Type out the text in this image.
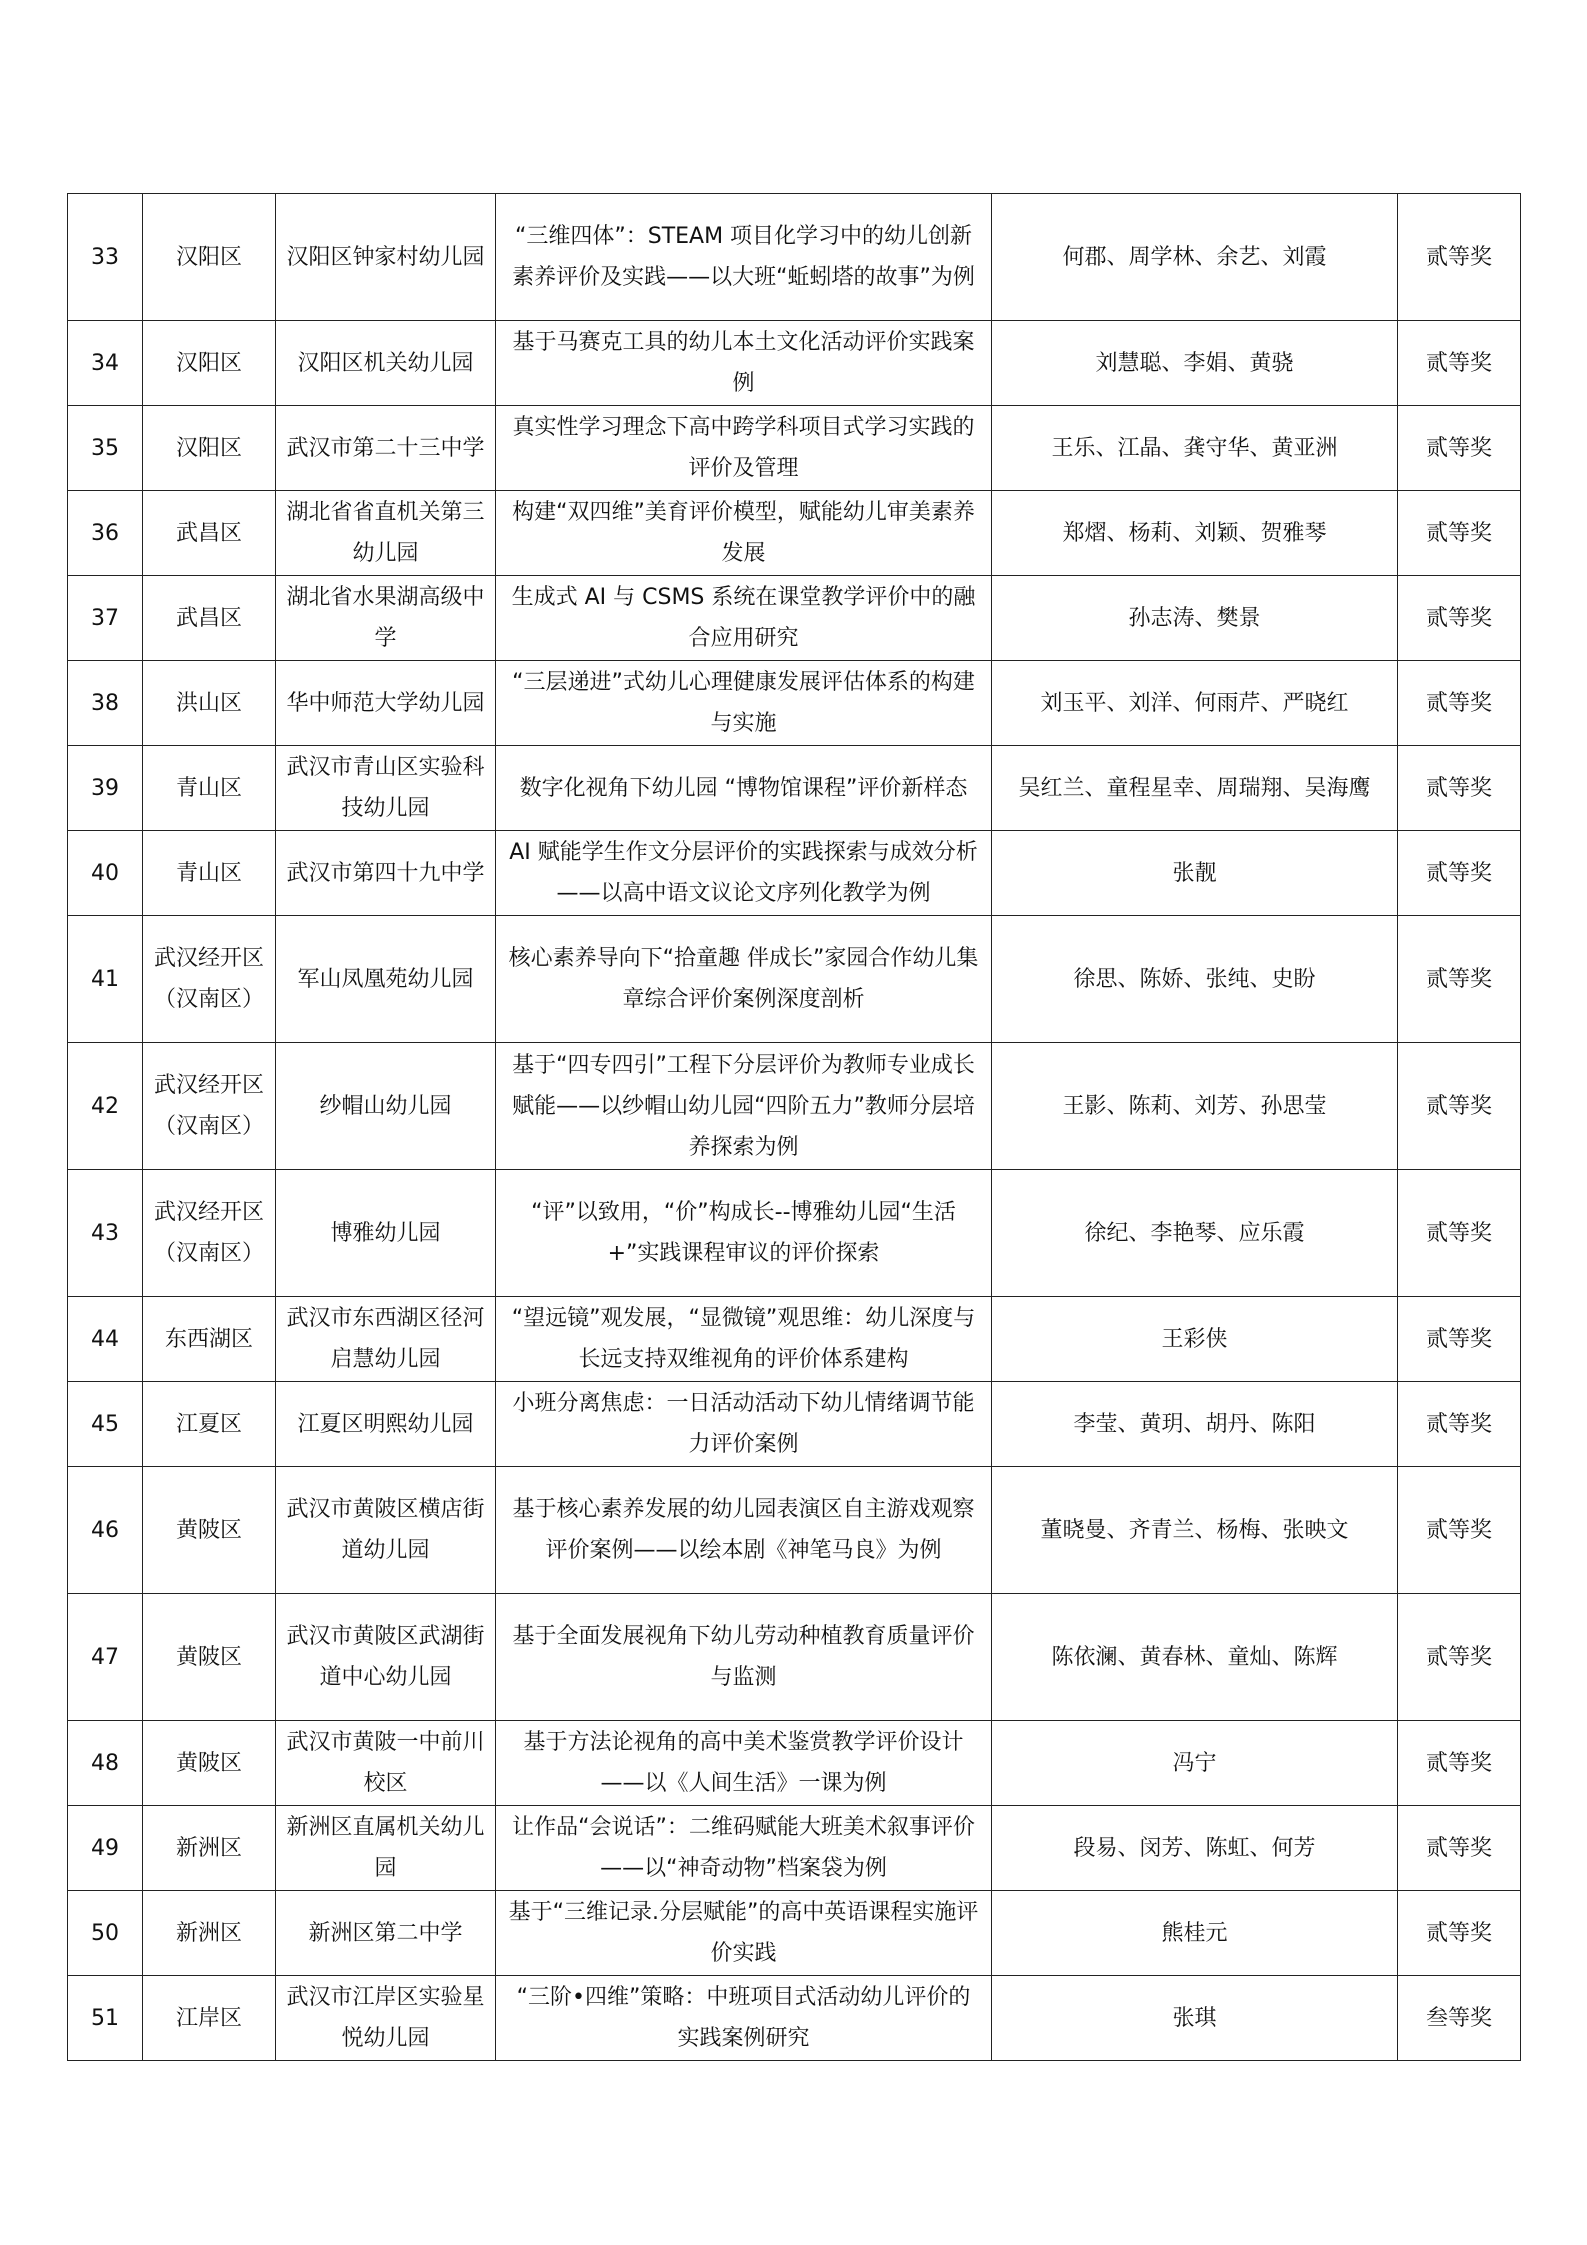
33	汉阳区	汉阳区钟家村幼儿园	“三维四体”：STEAM 项目化学习中的幼儿创新素养评价及实践——以大班“蚯蚓塔的故事”为例	何郡、周学林、余艺、刘霞	贰等奖
34	汉阳区	汉阳区机关幼儿园	基于马赛克工具的幼儿本土文化活动评价实践案例	刘慧聪、李娟、黄骁	贰等奖
35	汉阳区	武汉市第二十三中学	真实性学习理念下高中跨学科项目式学习实践的评价及管理	王乐、江晶、龚守华、黄亚洲	贰等奖
36	武昌区	湖北省省直机关第三幼儿园	构建“双四维”美育评价模型，赋能幼儿审美素养发展	郑熠、杨莉、刘颖、贺雅琴	贰等奖
37	武昌区	湖北省水果湖高级中学	生成式 AI 与 CSMS 系统在课堂教学评价中的融合应用研究	孙志涛、樊景	贰等奖
38	洪山区	华中师范大学幼儿园	“三层递进”式幼儿心理健康发展评估体系的构建与实施	刘玉平、刘洋、何雨芹、严晓红	贰等奖
39	青山区	武汉市青山区实验科技幼儿园	数字化视角下幼儿园 “博物馆课程”评价新样态	吴红兰、童程星幸、周瑞翔、吴海鹰	贰等奖
40	青山区	武汉市第四十九中学	AI 赋能学生作文分层评价的实践探索与成效分析——以高中语文议论文序列化教学为例	张靓	贰等奖
41	武汉经开区（汉南区）	军山凤凰苑幼儿园	核心素养导向下“拾童趣 伴成长”家园合作幼儿集章综合评价案例深度剖析	徐思、陈娇、张纯、史盼	贰等奖
42	武汉经开区（汉南区）	纱帽山幼儿园	基于“四专四引”工程下分层评价为教师专业成长赋能——以纱帽山幼儿园“四阶五力”教师分层培养探索为例	王影、陈莉、刘芳、孙思莹	贰等奖
43	武汉经开区（汉南区）	博雅幼儿园	“评”以致用，“价”构成长--博雅幼儿园“生活+”实践课程审议的评价探索	徐纪、李艳琴、应乐霞	贰等奖
44	东西湖区	武汉市东西湖区径河启慧幼儿园	“望远镜”观发展，“显微镜”观思维：幼儿深度与长远支持双维视角的评价体系建构	王彩侠	贰等奖
45	江夏区	江夏区明熙幼儿园	小班分离焦虑：一日活动活动下幼儿情绪调节能力评价案例	李莹、黄玥、胡丹、陈阳	贰等奖
46	黄陂区	武汉市黄陂区横店街道幼儿园	基于核心素养发展的幼儿园表演区自主游戏观察评价案例——以绘本剧《神笔马良》为例	董晓曼、齐青兰、杨梅、张映文	贰等奖
47	黄陂区	武汉市黄陂区武湖街道中心幼儿园	基于全面发展视角下幼儿劳动种植教育质量评价与监测	陈依澜、黄春林、童灿、陈辉	贰等奖
48	黄陂区	武汉市黄陂一中前川校区	基于方法论视角的高中美术鉴赏教学评价设计——以《人间生活》一课为例	冯宁	贰等奖
49	新洲区	新洲区直属机关幼儿园	让作品“会说话”：二维码赋能大班美术叙事评价——以“神奇动物”档案袋为例	段易、闵芳、陈虹、何芳	贰等奖
50	新洲区	新洲区第二中学	基于“三维记录.分层赋能”的高中英语课程实施评价实践	熊桂元	贰等奖
51	江岸区	武汉市江岸区实验星悦幼儿园	“三阶•四维”策略：中班项目式活动幼儿评价的实践案例研究	张琪	叁等奖
